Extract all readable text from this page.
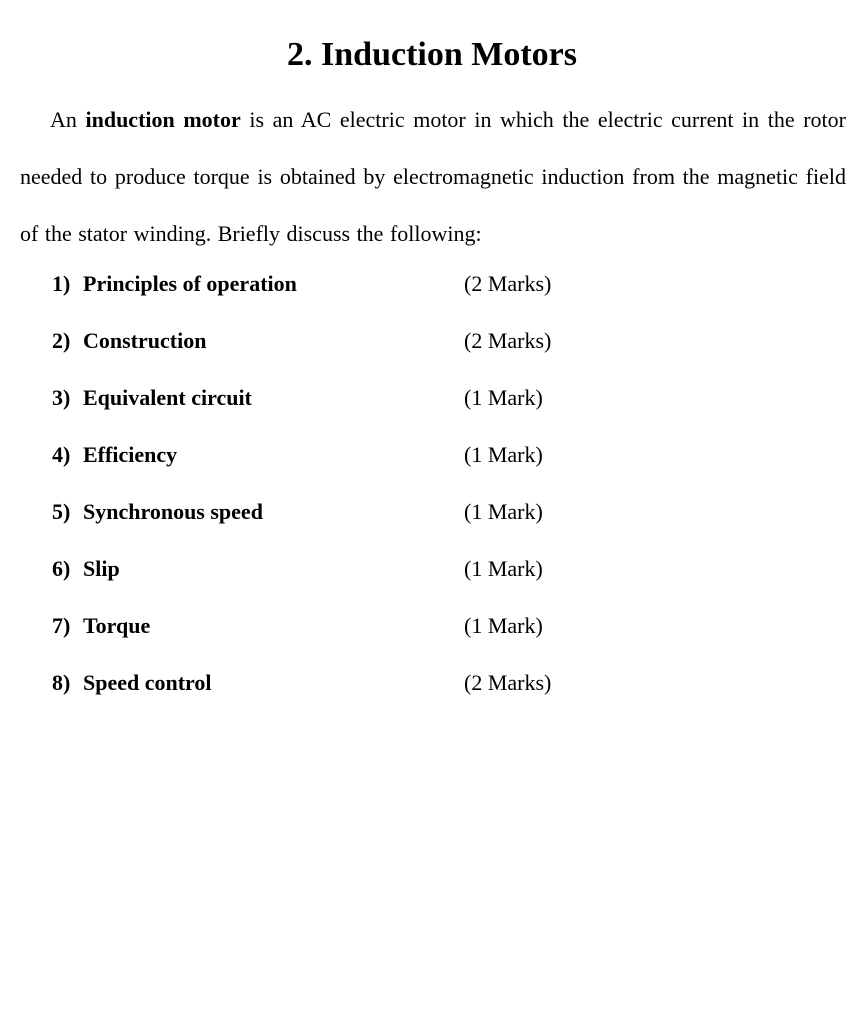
2. Induction Motors

An induction motor is an AC electric motor in which the electric current in the rotor needed to produce torque is obtained by electromagnetic induction from the magnetic field of the stator winding. Briefly discuss the following:

1) Principles of operation	(2 Marks)
2) Construction	(2 Marks)
3) Equivalent circuit	(1 Mark)
4) Efficiency	(1 Mark)
5) Synchronous speed	(1 Mark)
6) Slip	(1 Mark)
7) Torque	(1 Mark)
8) Speed control	(2 Marks)
